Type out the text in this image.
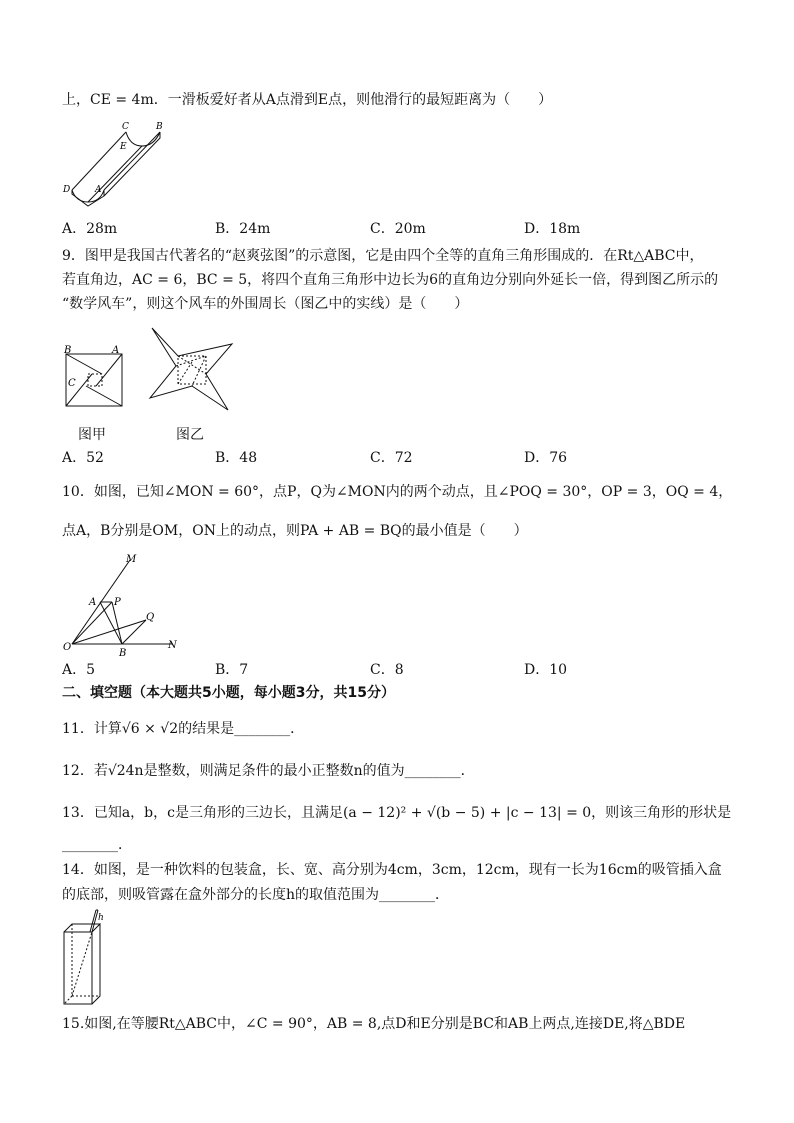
上，CE = 4m．一滑板爱好者从A点滑到E点，则他滑行的最短距离为（　　）
C	B
E
D	A
A．28m	B．24m	C．20m	D．18m
9．图甲是我国古代著名的“赵爽弦图”的示意图，它是由四个全等的直角三角形围成的．在Rt△ABC中，
若直角边，AC = 6，BC = 5，将四个直角三角形中边长为6的直角边分别向外延长一倍，得到图乙所示的
“数学风车”，则这个风车的外围周长（图乙中的实线）是（　　）
B	A
C
图甲	图乙
A．52	B．48	C．72	D．76
10．如图，已知∠MON = 60°，点P，Q为∠MON内的两个动点，且∠POQ = 30°，OP = 3，OQ = 4，
点A，B分别是OM，ON上的动点，则PA + AB = BQ的最小值是（　　）
M
A P
Q
O
B
N
A．5	B．7	C．8	D．10
二、填空题（本大题共5小题，每小题3分，共15分）
11．计算√6 × √2的结果是________．
12．若√24n是整数，则满足条件的最小正整数n的值为________．
13．已知a，b，c是三角形的三边长，且满足(a − 12)² + √(b − 5) + |c − 13| = 0，则该三角形的形状是
________．
14．如图，是一种饮料的包装盒，长、宽、高分别为4cm，3cm，12cm，现有一长为16cm的吸管插入盒
的底部，则吸管露在盒外部分的长度h的取值范围为________．
h
15.如图,在等腰Rt△ABC中，∠C = 90°，AB = 8,点D和E分别是BC和AB上两点,连接DE,将△BDE
